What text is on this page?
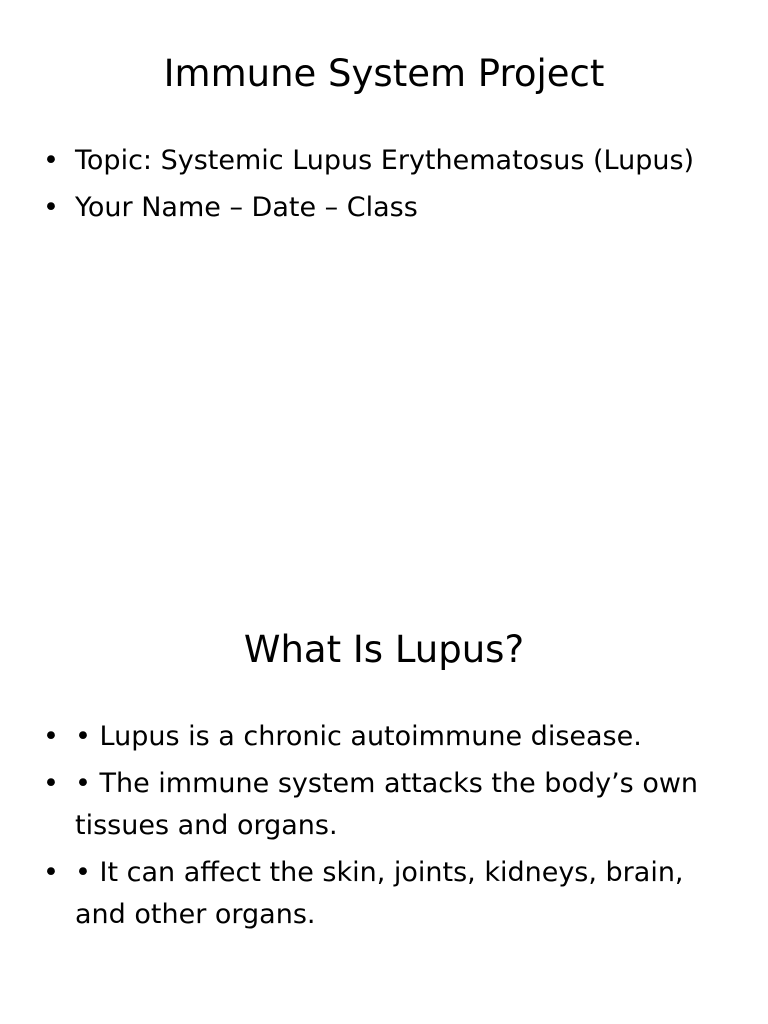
Immune System Project
• Topic: Systemic Lupus Erythematosus (Lupus)
• Your Name – Date – Class
What Is Lupus?
• • Lupus is a chronic autoimmune disease.
• • The immune system attacks the body’s own tissues and organs.
• • It can affect the skin, joints, kidneys, brain, and other organs.
